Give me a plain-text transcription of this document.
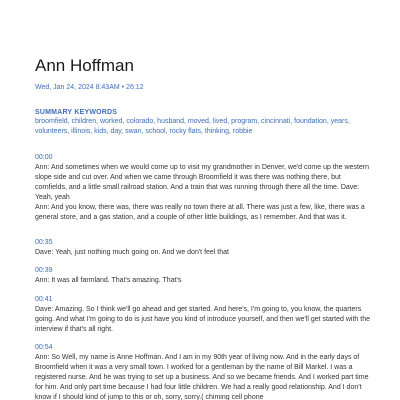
Ann Hoffman
Wed, Jan 24, 2024 8:43AM • 26:12
SUMMARY KEYWORDS
broomfield, children, worked, colorado, husband, moved, lived, program, cincinnati, foundation, years, volunteers, illinois, kids, day, swan, school, rocky flats, thinking, robbie
00:00
Ann: And sometimes when we would come up to visit my grandmother in Denver, we'd come up the western slope side and cut over. And when we came through Broomfield it was there was nothing there, but cornfields, and a little small railroad station. And a train that was running through there all the time. Dave: Yeah, yeah
Ann: And you know, there was, there was really no town there at all. There was just a few, like, there was a general store, and a gas station, and a couple of other little buildings, as I remember. And that was it.
00:35
Dave: Yeah, just nothing much going on. And we don't feel that
00:39
Ann: It was all farmland. That's amazing. That's
00:41
Dave: Amazing. So I think we'll go ahead and get started. And here's, I'm going to, you know, the quarters going. And what I'm going to do is just have you kind of introduce yourself, and then we'll get started with the interview if that's all right.
00:54
Ann: So Well, my name is Anne Hoffman. And I am in my 90th year of living now. And in the early days of Broomfield when it was a very small town. I worked for a gentleman by the name of Bill Markel. I was a registered nurse. And he was trying to set up a business. And so we became friends. And I worked part time for him. And only part time because I had four little children. We had a really good relationship. And I don't know if I should kind of jump to this or oh, sorry, sorry.( chiming cell phone
